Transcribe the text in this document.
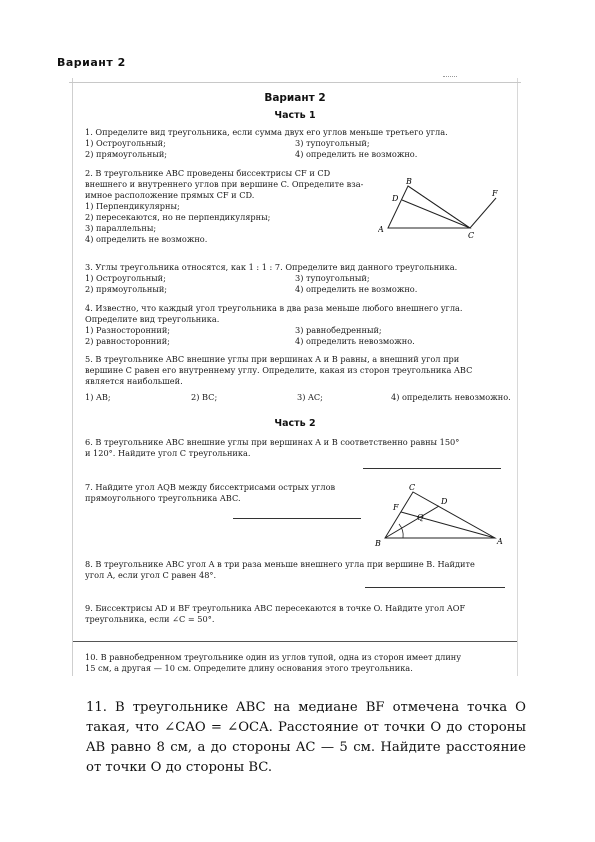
Вариант 2
Вариант 2
Часть 1
1. Определите вид треугольника, если сумма двух его углов меньше третьего угла.
1) Остроугольный;	3) тупоугольный;
2) прямоугольный;	4) определить не возможно.
2. В треугольнике ABC проведены биссектрисы CF и CD
внешнего и внутреннего углов при вершине C. Определите вза-
имное расположение прямых CF и CD.
1) Перпендикулярны;
2) пересекаются, но не перпендикулярны;
3) параллельны;
4) определить не возможно.
A
B
C
D
F
3. Углы треугольника относятся, как 1 : 1 : 7. Определите вид данного треугольника.
1) Остроугольный;	3) тупоугольный;
2) прямоугольный;	4) определить не возможно.
4. Известно, что каждый угол треугольника в два раза меньше любого внешнего угла.
Определите вид треугольника.
1) Разносторонний;	3) равнобедренный;
2) равносторонний;	4) определить невозможно.
5. В треугольнике ABC внешние углы при вершинах A и B равны, а внешний угол при
вершине C равен его внутреннему углу. Определите, какая из сторон треугольника ABC
является наибольшей.
1) AB;	2) BC;	3) AC;	4) определить невозможно.
Часть 2
6. В треугольнике ABC внешние углы при вершинах A и B соответственно равны 150°
и 120°. Найдите угол C треугольника.
7. Найдите угол AQB между биссектрисами острых углов
прямоугольного треугольника ABC.
B
C
A
D
F
Q
8. В треугольнике ABC угол A в три раза меньше внешнего угла при вершине B. Найдите
угол A, если угол C равен 48°.
9. Биссектрисы AD и BF треугольника ABC пересекаются в точке O. Найдите угол AOF
треугольника, если ∠C = 50°.
10. В равнобедренном треугольнике один из углов тупой, одна из сторон имеет длину
15 см, а другая — 10 см. Определите длину основания этого треугольника.
11. В треугольнике ABC на медиане BF отмечена точка O такая, что ∠CAO = ∠OCA. Расстояние от точки O до стороны AB равно 8 см, а до стороны AC — 5 см. Найдите расстояние от точки O до стороны BC.
